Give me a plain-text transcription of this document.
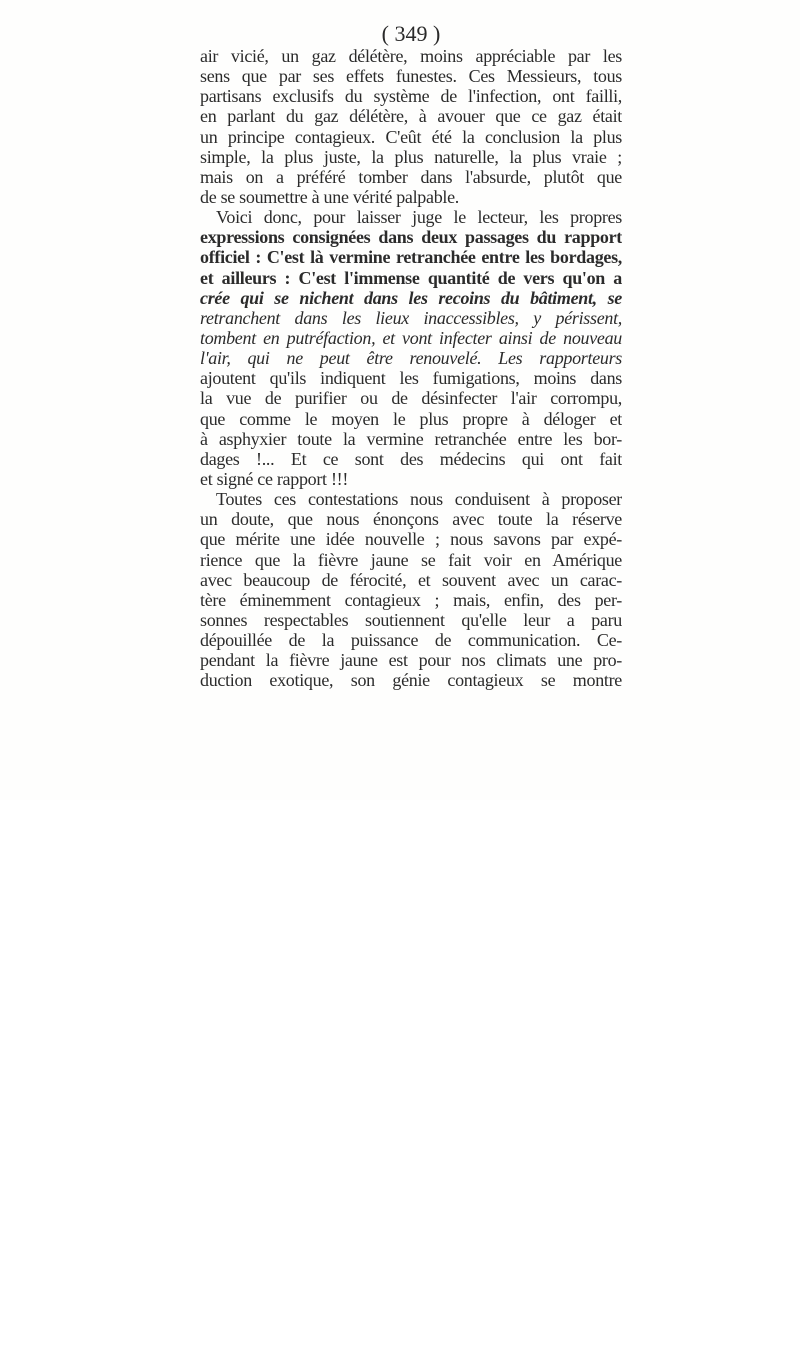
( 349 )
air vicié, un gaz délétère, moins appréciable par les
sens que par ses effets funestes. Ces Messieurs, tous
partisans exclusifs du système de l'infection, ont failli,
en parlant du gaz délétère, à avouer que ce gaz était
un principe contagieux. C'eût été la conclusion la plus
simple, la plus juste, la plus naturelle, la plus vraie ;
mais on a préféré tomber dans l'absurde, plutôt que
de se soumettre à une vérité palpable.
Voici donc, pour laisser juge le lecteur, les propres
expressions consignées dans deux passages du rapport
officiel : C'est là vermine retranchée entre les bordages,
et ailleurs : C'est l'immense quantité de vers qu'on a
crée qui se nichent dans les recoins du bâtiment, se
retranchent dans les lieux inaccessibles, y périssent,
tombent en putréfaction, et vont infecter ainsi de nouveau
l'air, qui ne peut être renouvelé. Les rapporteurs
ajoutent qu'ils indiquent les fumigations, moins dans
la vue de purifier ou de désinfecter l'air corrompu,
que comme le moyen le plus propre à déloger et
à asphyxier toute la vermine retranchée entre les bor-
dages !... Et ce sont des médecins qui ont fait
et signé ce rapport !!!
Toutes ces contestations nous conduisent à proposer
un doute, que nous énonçons avec toute la réserve
que mérite une idée nouvelle ; nous savons par expé-
rience que la fièvre jaune se fait voir en Amérique
avec beaucoup de férocité, et souvent avec un carac-
tère éminemment contagieux ; mais, enfin, des per-
sonnes respectables soutiennent qu'elle leur a paru
dépouillée de la puissance de communication. Ce-
pendant la fièvre jaune est pour nos climats une pro-
duction exotique, son génie contagieux se montre
